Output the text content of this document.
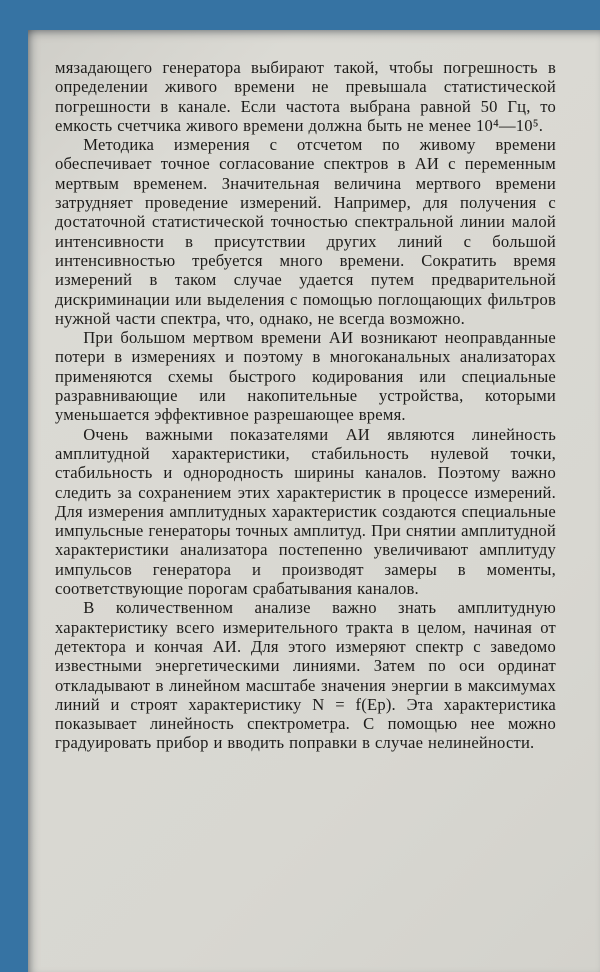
мязадающего генератора выбирают такой, чтобы погрешность в определении живого времени не превышала статистической погрешности в канале. Если частота выбрана равной 50 Гц, то емкость счетчика живого времени должна быть не менее 10⁴—10⁵.

Методика измерения с отсчетом по живому времени обеспечивает точное согласование спектров в АИ с переменным мертвым временем. Значительная величина мертвого времени затрудняет проведение измерений. Например, для получения с достаточной статистической точностью спектральной линии малой интенсивности в присутствии других линий с большой интенсивностью требуется много времени. Сократить время измерений в таком случае удается путем предварительной дискриминации или выделения с помощью поглощающих фильтров нужной части спектра, что, однако, не всегда возможно.

При большом мертвом времени АИ возникают неоправданные потери в измерениях и поэтому в многоканальных анализаторах применяются схемы быстрого кодирования или специальные разравнивающие или накопительные устройства, которыми уменьшается эффективное разрешающее время.

Очень важными показателями АИ являются линейность амплитудной характеристики, стабильность нулевой точки, стабильность и однородность ширины каналов. Поэтому важно следить за сохранением этих характеристик в процессе измерений. Для измерения амплитудных характеристик создаются специальные импульсные генераторы точных амплитуд. При снятии амплитудной характеристики анализатора постепенно увеличивают амплитуду импульсов генератора и производят замеры в моменты, соответствующие порогам срабатывания каналов.

В количественном анализе важно знать амплитудную характеристику всего измерительного тракта в целом, начиная от детектора и кончая АИ. Для этого измеряют спектр с заведомо известными энергетическими линиями. Затем по оси ординат откладывают в линейном масштабе значения энергии в максимумах линий и строят характеристику N = f(Eр). Эта характеристика показывает линейность спектрометра. С помощью нее можно градуировать прибор и вводить поправки в случае нелинейности.
